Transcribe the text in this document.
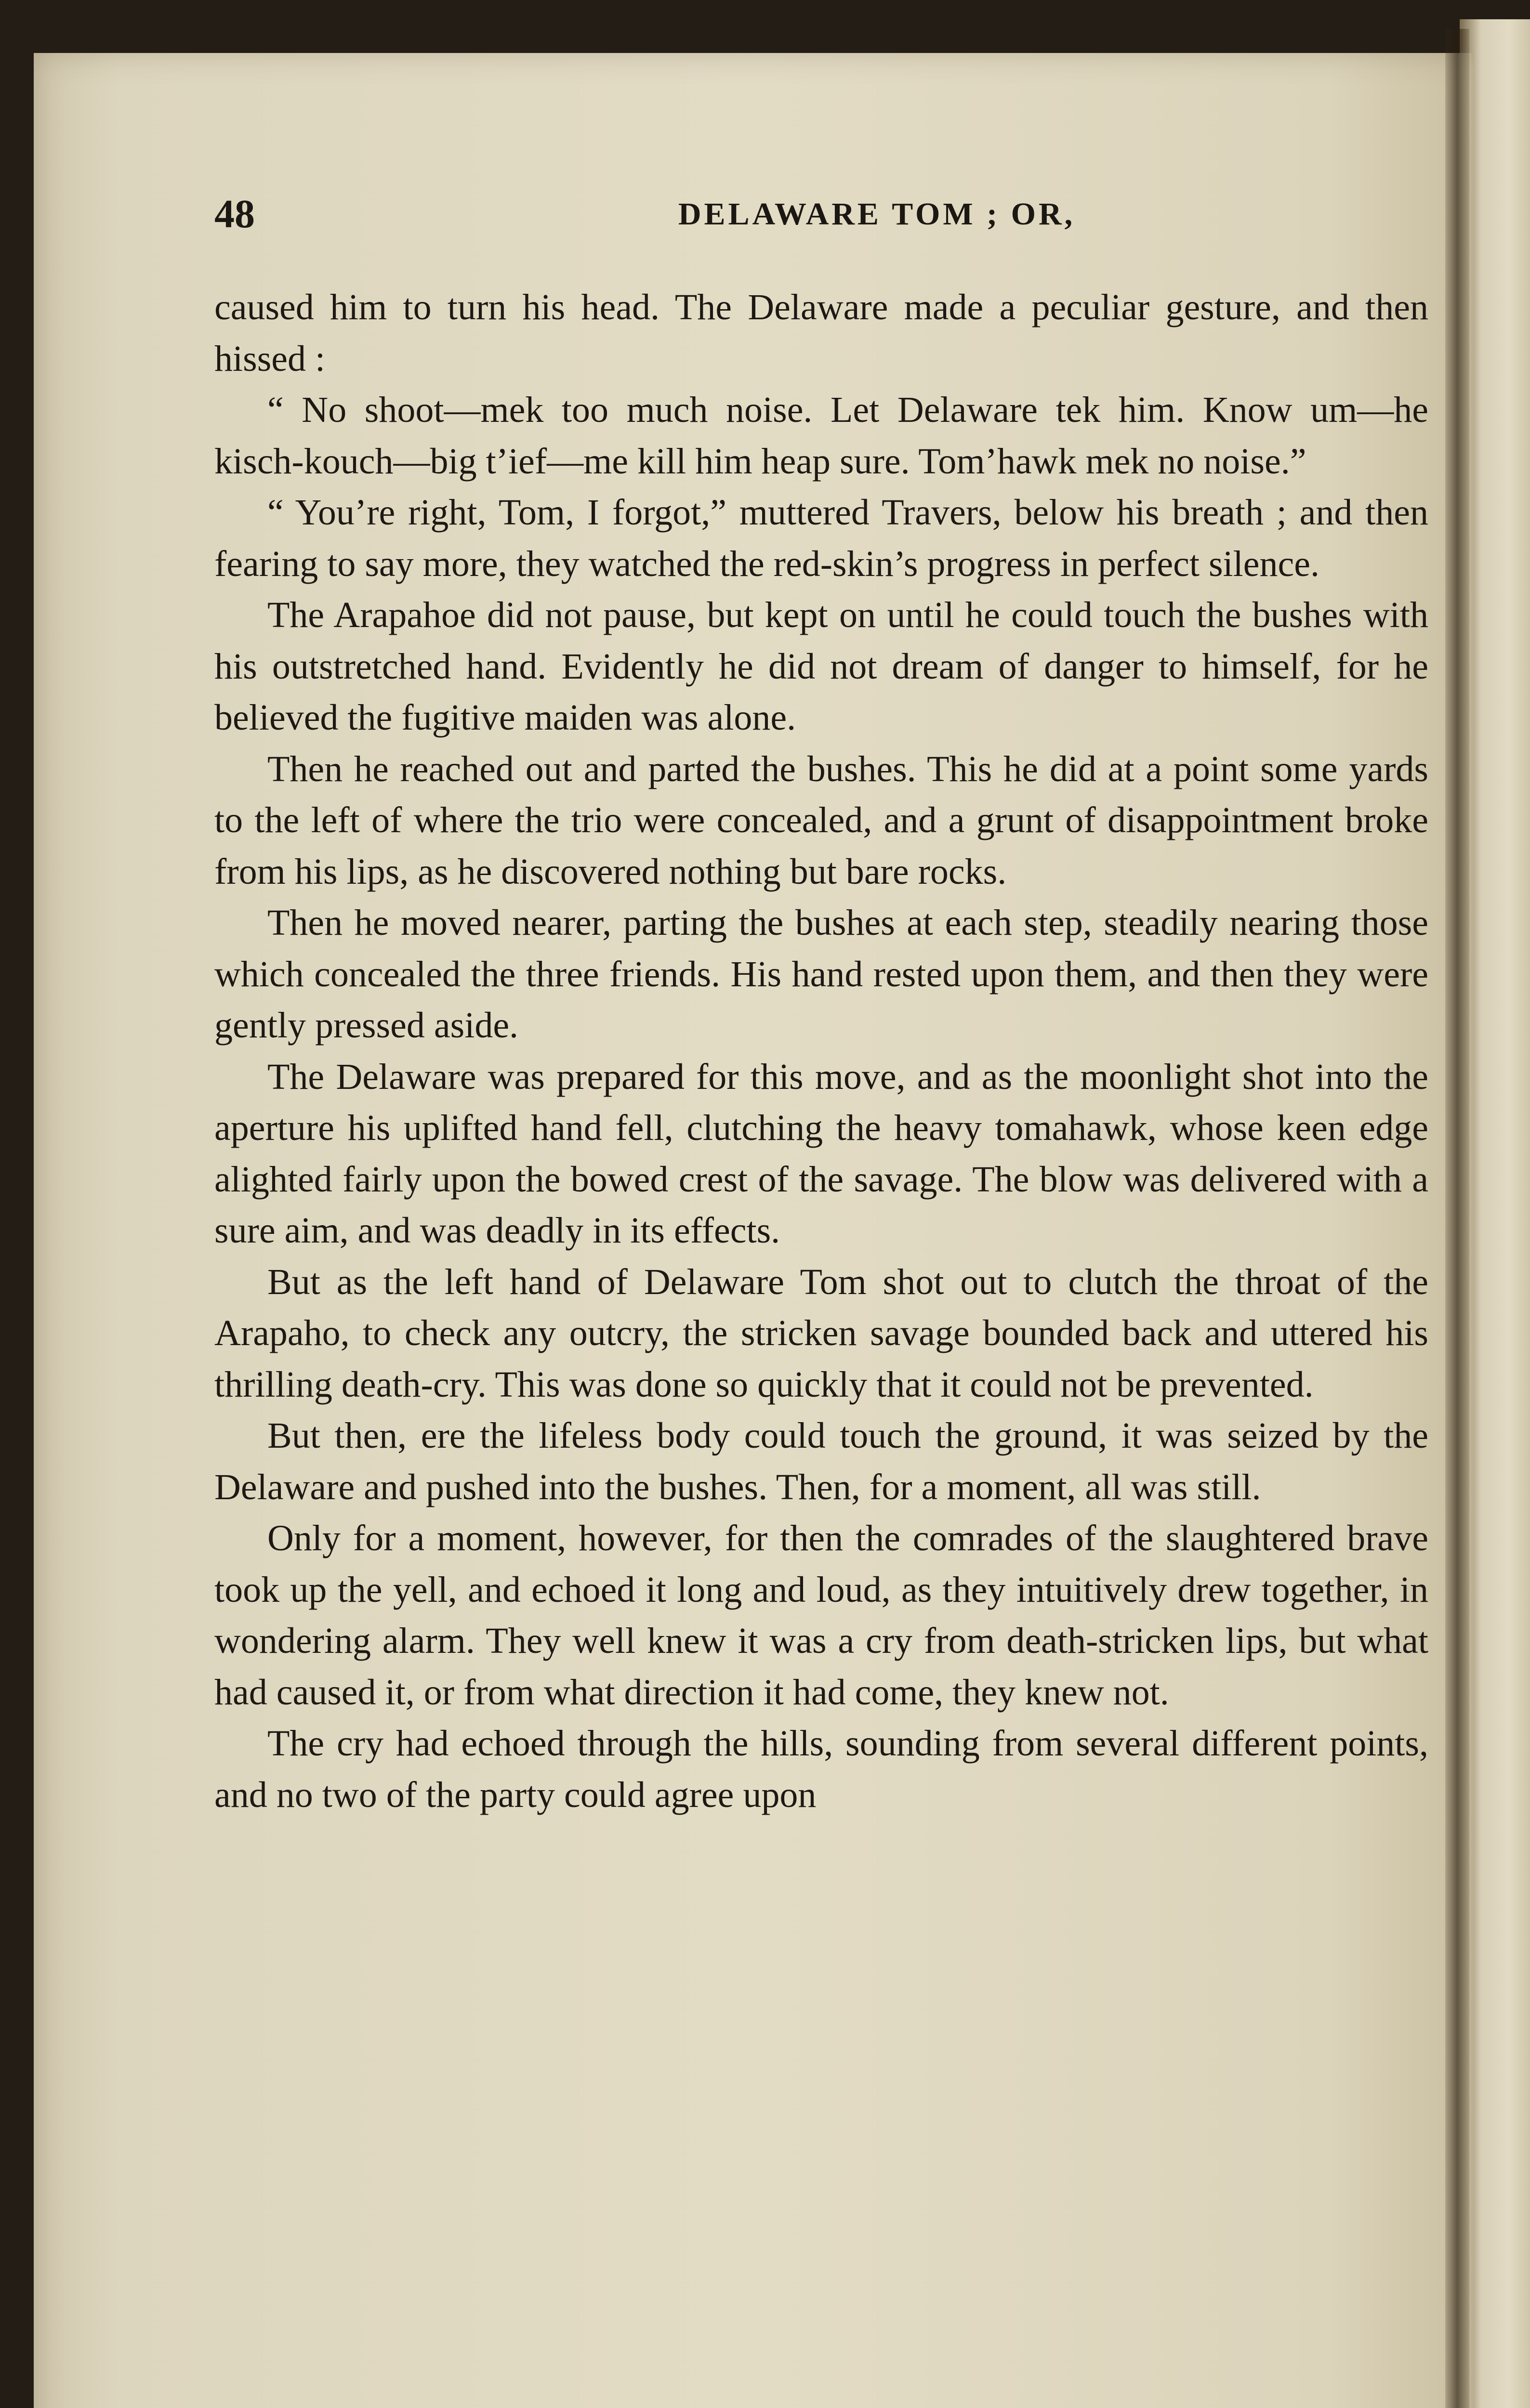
48	DELAWARE TOM ; OR,

caused him to turn his head. The Delaware made a peculiar gesture, and then hissed :

“ No shoot—mek too much noise. Let Delaware tek him. Know um—he kisch-kouch—big t’ief—me kill him heap sure. Tom’hawk mek no noise.”

“ You’re right, Tom, I forgot,” muttered Travers, below his breath ; and then fearing to say more, they watched the red-skin’s progress in perfect silence.

The Arapahoe did not pause, but kept on until he could touch the bushes with his outstretched hand. Evidently he did not dream of danger to himself, for he believed the fugitive maiden was alone.

Then he reached out and parted the bushes. This he did at a point some yards to the left of where the trio were concealed, and a grunt of disappointment broke from his lips, as he discovered nothing but bare rocks.

Then he moved nearer, parting the bushes at each step, steadily nearing those which concealed the three friends. His hand rested upon them, and then they were gently pressed aside.

The Delaware was prepared for this move, and as the moonlight shot into the aperture his uplifted hand fell, clutching the heavy tomahawk, whose keen edge alighted fairly upon the bowed crest of the savage. The blow was delivered with a sure aim, and was deadly in its effects.

But as the left hand of Delaware Tom shot out to clutch the throat of the Arapaho, to check any outcry, the stricken savage bounded back and uttered his thrilling death-cry. This was done so quickly that it could not be prevented.

But then, ere the lifeless body could touch the ground, it was seized by the Delaware and pushed into the bushes. Then, for a moment, all was still.

Only for a moment, however, for then the comrades of the slaughtered brave took up the yell, and echoed it long and loud, as they intuitively drew together, in wondering alarm. They well knew it was a cry from death-stricken lips, but what had caused it, or from what direction it had come, they knew not.

The cry had echoed through the hills, sounding from several different points, and no two of the party could agree upon
